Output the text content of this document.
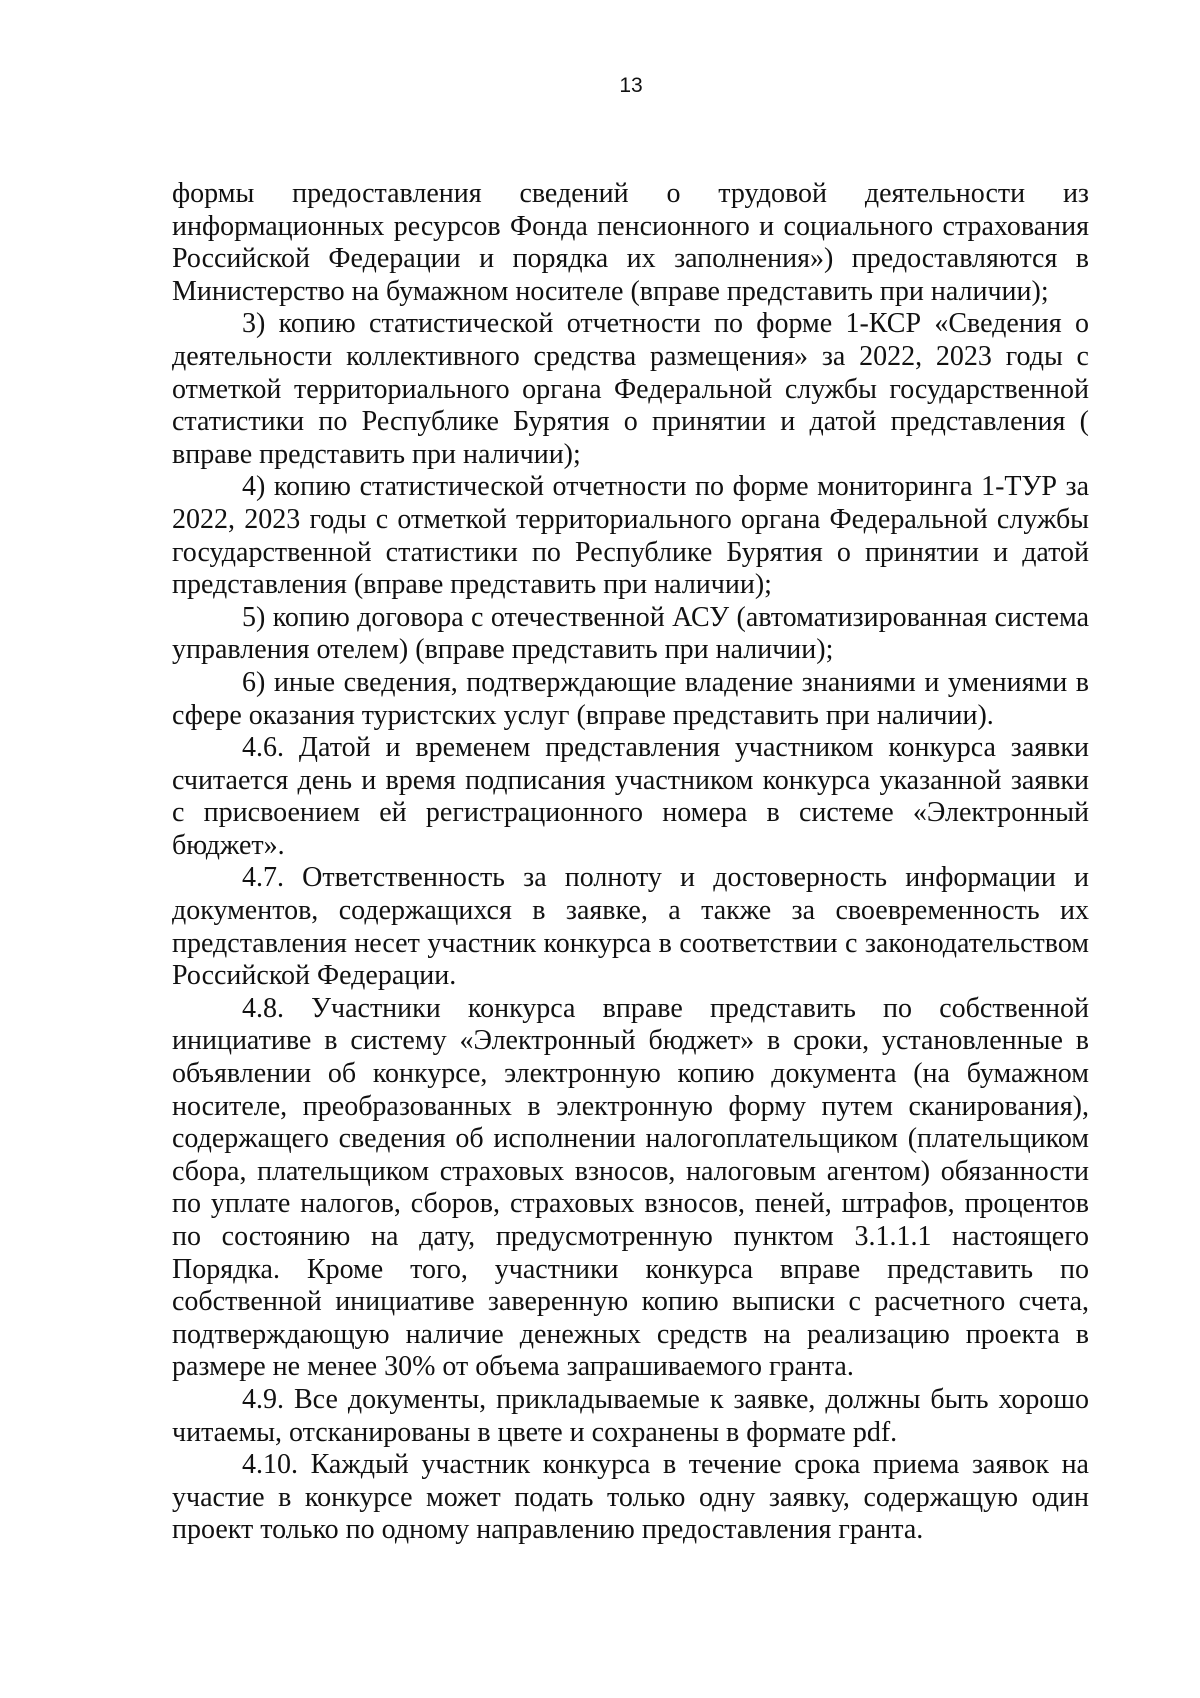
13

формы предоставления сведений о трудовой деятельности из информационных ресурсов Фонда пенсионного и социального страхования Российской Федерации и порядка их заполнения») предоставляются в Министерство на бумажном носителе (вправе представить при наличии);

3) копию статистической отчетности по форме 1-КСР «Сведения о деятельности коллективного средства размещения» за 2022, 2023 годы с отметкой территориального органа Федеральной службы государственной статистики по Республике Бурятия о принятии и датой представления ( вправе представить при наличии);

4) копию статистической отчетности по форме мониторинга 1-ТУР за 2022, 2023 годы с отметкой территориального органа Федеральной службы государственной статистики по Республике Бурятия о принятии и датой представления (вправе представить при наличии);

5) копию договора с отечественной АСУ (автоматизированная система управления отелем) (вправе представить при наличии);

6) иные сведения, подтверждающие владение знаниями и умениями в сфере оказания туристских услуг (вправе представить при наличии).

4.6. Датой и временем представления участником конкурса заявки считается день и время подписания участником конкурса указанной заявки с присвоением ей регистрационного номера в системе «Электронный бюджет».

4.7. Ответственность за полноту и достоверность информации и документов, содержащихся в заявке, а также за своевременность их представления несет участник конкурса в соответствии с законодательством Российской Федерации.

4.8. Участники конкурса вправе представить по собственной инициативе в систему «Электронный бюджет» в сроки, установленные в объявлении об конкурсе, электронную копию документа (на бумажном носителе, преобразованных в электронную форму путем сканирования), содержащего сведения об исполнении налогоплательщиком (плательщиком сбора, плательщиком страховых взносов, налоговым агентом) обязанности по уплате налогов, сборов, страховых взносов, пеней, штрафов, процентов по состоянию на дату, предусмотренную пунктом 3.1.1.1 настоящего Порядка. Кроме того, участники конкурса вправе представить по собственной инициативе заверенную копию выписки с расчетного счета, подтверждающую наличие денежных средств на реализацию проекта в размере не менее 30% от объема запрашиваемого гранта.

4.9. Все документы, прикладываемые к заявке, должны быть хорошо читаемы, отсканированы в цвете и сохранены в формате pdf.

4.10. Каждый участник конкурса в течение срока приема заявок на участие в конкурсе может подать только одну заявку, содержащую один проект только по одному направлению предоставления гранта.
